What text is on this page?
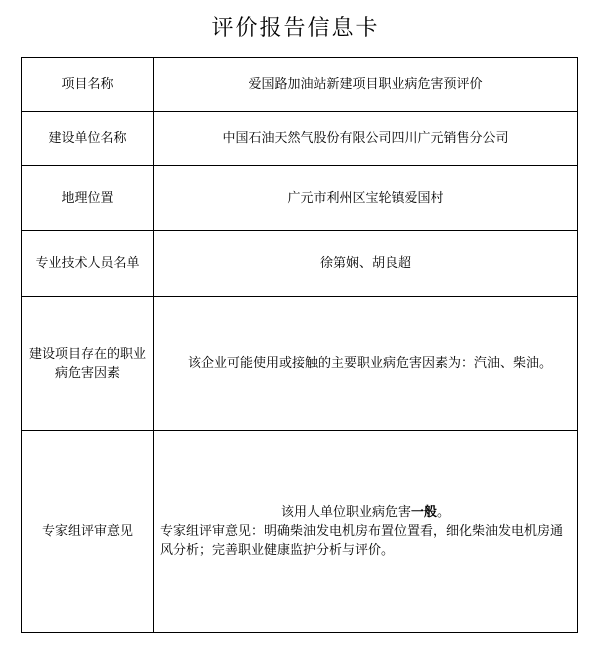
评价报告信息卡
项目名称	爱国路加油站新建项目职业病危害预评价
建设单位名称	中国石油天然气股份有限公司四川广元销售分公司
地理位置	广元市利州区宝轮镇爱国村
专业技术人员名单	徐第娴、胡良超
建设项目存在的职业病危害因素	该企业可能使用或接触的主要职业病危害因素为：汽油、柴油。

专家组评审意见	该用人单位职业病危害一般。
专家组评审意见：明确柴油发电机房布置位置看，细化柴油发电机房通风分析；完善职业健康监护分析与评价。
